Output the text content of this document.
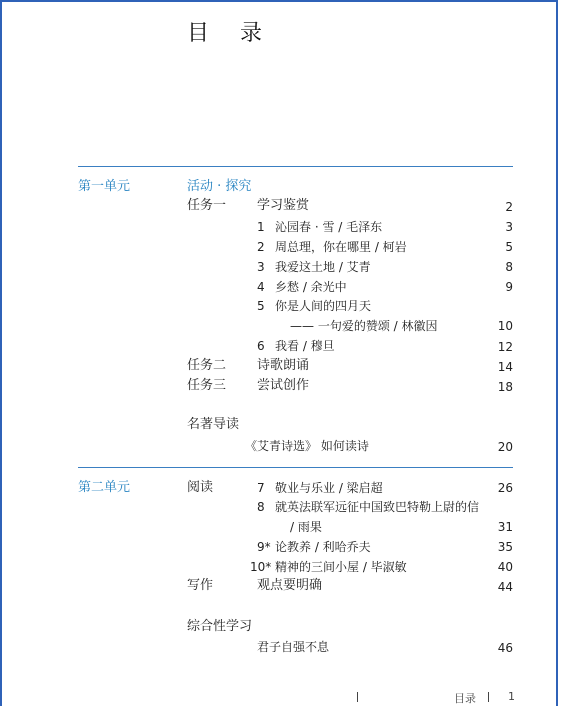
目 录
第一单元	活动 · 探究
任务一 学习鉴赏	2
1 沁园春 · 雪 / 毛泽东	3
2 周总理，你在哪里 / 柯岩	5
3 我爱这土地 / 艾青	8
4 乡愁 / 余光中	9
5 你是人间的四月天
—— 一句爱的赞颂 / 林徽因	10
6 我看 / 穆旦	12
任务二 诗歌朗诵	14
任务三 尝试创作	18
名著导读
《艾青诗选》 如何读诗	20
第二单元	阅读	7 敬业与乐业 / 梁启超	26
8 就英法联军远征中国致巴特勒上尉的信
/ 雨果	31
9* 论教养 / 利哈乔夫	35
10* 精神的三间小屋 / 毕淑敏	40
写作	观点要明确	44
综合性学习
君子自强不息	46
目录	1
